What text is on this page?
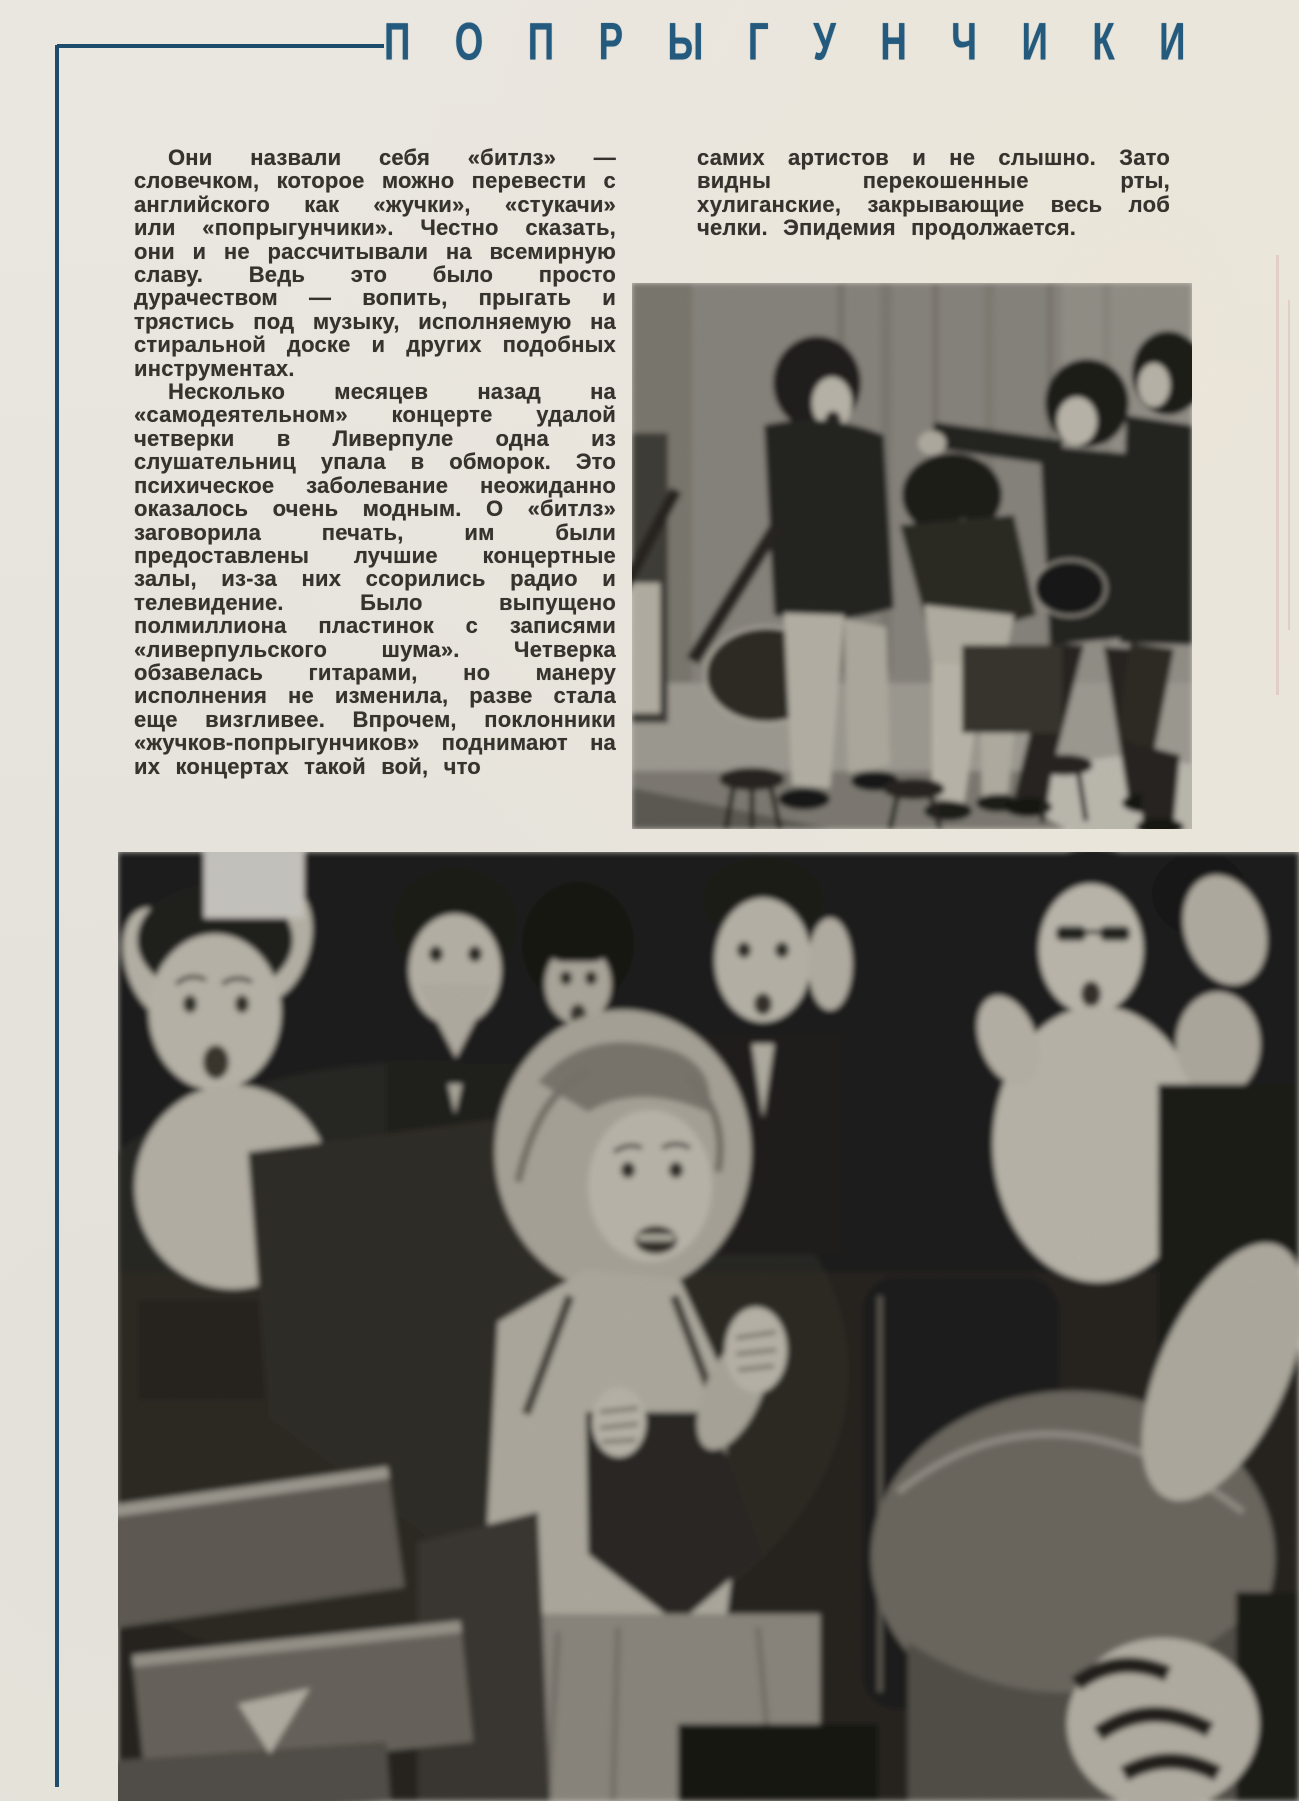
ПОПРЫГУНЧИКИ

Они назвали себя «битлз» — словечком, которое можно перевести с английского как «жучки», «стукачи» или «попрыгунчики». Честно сказать, они и не рассчитывали на всемирную славу. Ведь это было просто дурачеством — вопить, прыгать и трястись под музыку, исполняемую на стиральной доске и других подобных инструментах.

Несколько месяцев назад на «самодеятельном» концерте удалой четверки в Ливерпуле одна из слушательниц упала в обморок. Это психическое заболевание неожиданно оказалось очень модным. О «битлз» заговорила печать, им были предоставлены лучшие концертные залы, из-за них ссорились радио и телевидение. Было выпущено полмиллиона пластинок с записями «ливерпульского шума». Четверка обзавелась гитарами, но манеру исполнения не изменила, разве стала еще визгливее. Впрочем, поклонники «жучков-попрыгунчиков» поднимают на их концертах такой вой, что

самих артистов и не слышно. Зато видны перекошенные рты, хулиганские, закрывающие весь лоб челки. Эпидемия продолжается.
